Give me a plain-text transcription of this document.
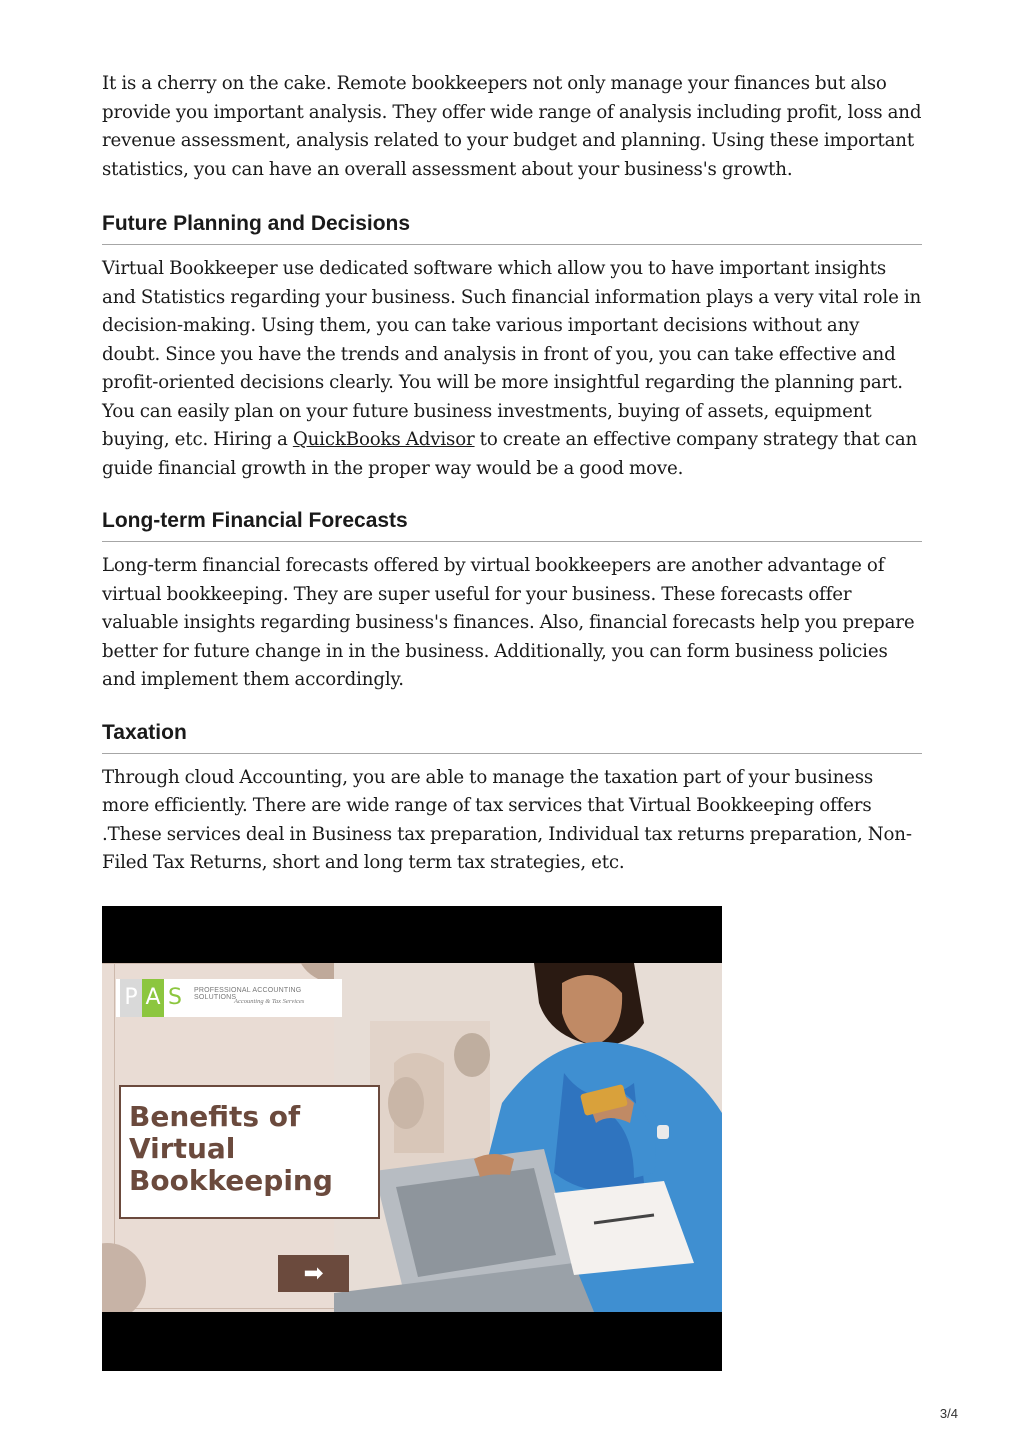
It is a cherry on the cake. Remote bookkeepers not only manage your finances but also provide you important analysis. They offer wide range of analysis including profit, loss and revenue assessment, analysis related to your budget and planning. Using these important statistics, you can have an overall assessment about your business's growth.

Future Planning and Decisions

Virtual Bookkeeper use dedicated software which allow you to have important insights and Statistics regarding your business. Such financial information plays a very vital role in decision-making. Using them, you can take various important decisions without any doubt. Since you have the trends and analysis in front of you, you can take effective and profit-oriented decisions clearly. You will be more insightful regarding the planning part. You can easily plan on your future business investments, buying of assets, equipment buying, etc. Hiring a QuickBooks Advisor to create an effective company strategy that can guide financial growth in the proper way would be a good move.

Long-term Financial Forecasts

Long-term financial forecasts offered by virtual bookkeepers are another advantage of virtual bookkeeping. They are super useful for your business. These forecasts offer valuable insights regarding business's finances. Also, financial forecasts help you prepare better for future change in in the business. Additionally, you can form business policies and implement them accordingly.

Taxation

Through cloud Accounting, you are able to manage the taxation part of your business more efficiently. There are wide range of tax services that Virtual Bookkeeping offers .These services deal in Business tax preparation, Individual tax returns preparation, Non-Filed Tax Returns, short and long term tax strategies, etc.

P A S	PROFESSIONAL ACCOUNTING SOLUTIONS
Accounting & Tax Services
Benefits of
Virtual
Bookkeeping
➡
3/4
